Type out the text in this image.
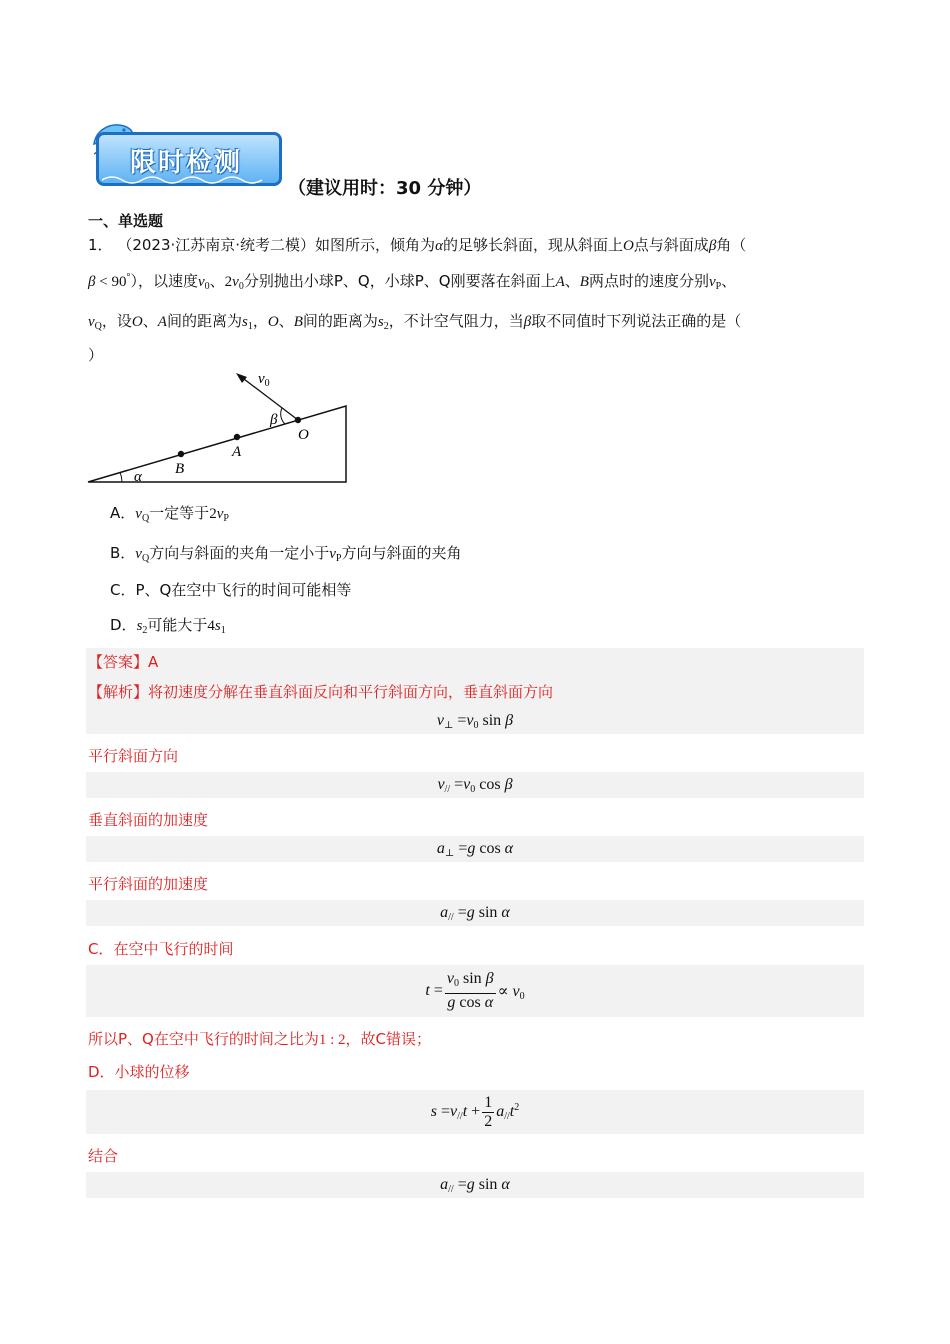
限时检测
（建议用时：30 分钟）
一、单选题
1． （2023·江苏南京·统考二模）如图所示，倾角为α的足够长斜面，现从斜面上O点与斜面成β角（
β < 90°），以速度$v_0$、$2v_0$分别抛出小球P、Q，小球P、Q刚要落在斜面上A、B两点时的速度分别$v_P$、
$v_Q$，设O、A间的距离为$s_1$，O、B间的距离为$s_2$，不计空气阻力，当β取不同值时下列说法正确的是（
）
$v_0$
β
O
A
B
α
A．$v_Q$一定等于$2v_P$
B．$v_Q$方向与斜面的夹角一定小于$v_P$方向与斜面的夹角
C．P、Q在空中飞行的时间可能相等
D．$s_2$可能大于$4s_1$
【答案】A
【解析】将初速度分解在垂直斜面反向和平行斜面方向，垂直斜面方向
$v_\perp =v_0$ sin β
平行斜面方向
$v_{//} =v_0$ cos β
垂直斜面的加速度
$a_\perp =g$ cos α
平行斜面的加速度
$a_{//} =g$ sin α
C．在空中飞行的时间
$t = \frac{v_0 \sin \beta}{\text{g cos α}} \propto v_0$
所以P、Q在空中飞行的时间之比为1 : 2，故C错误；
D．小球的位移
$s =v_{//}t + \frac{1}{2} a_{//}t^2$
结合
$a_{//} =g$ sin α
